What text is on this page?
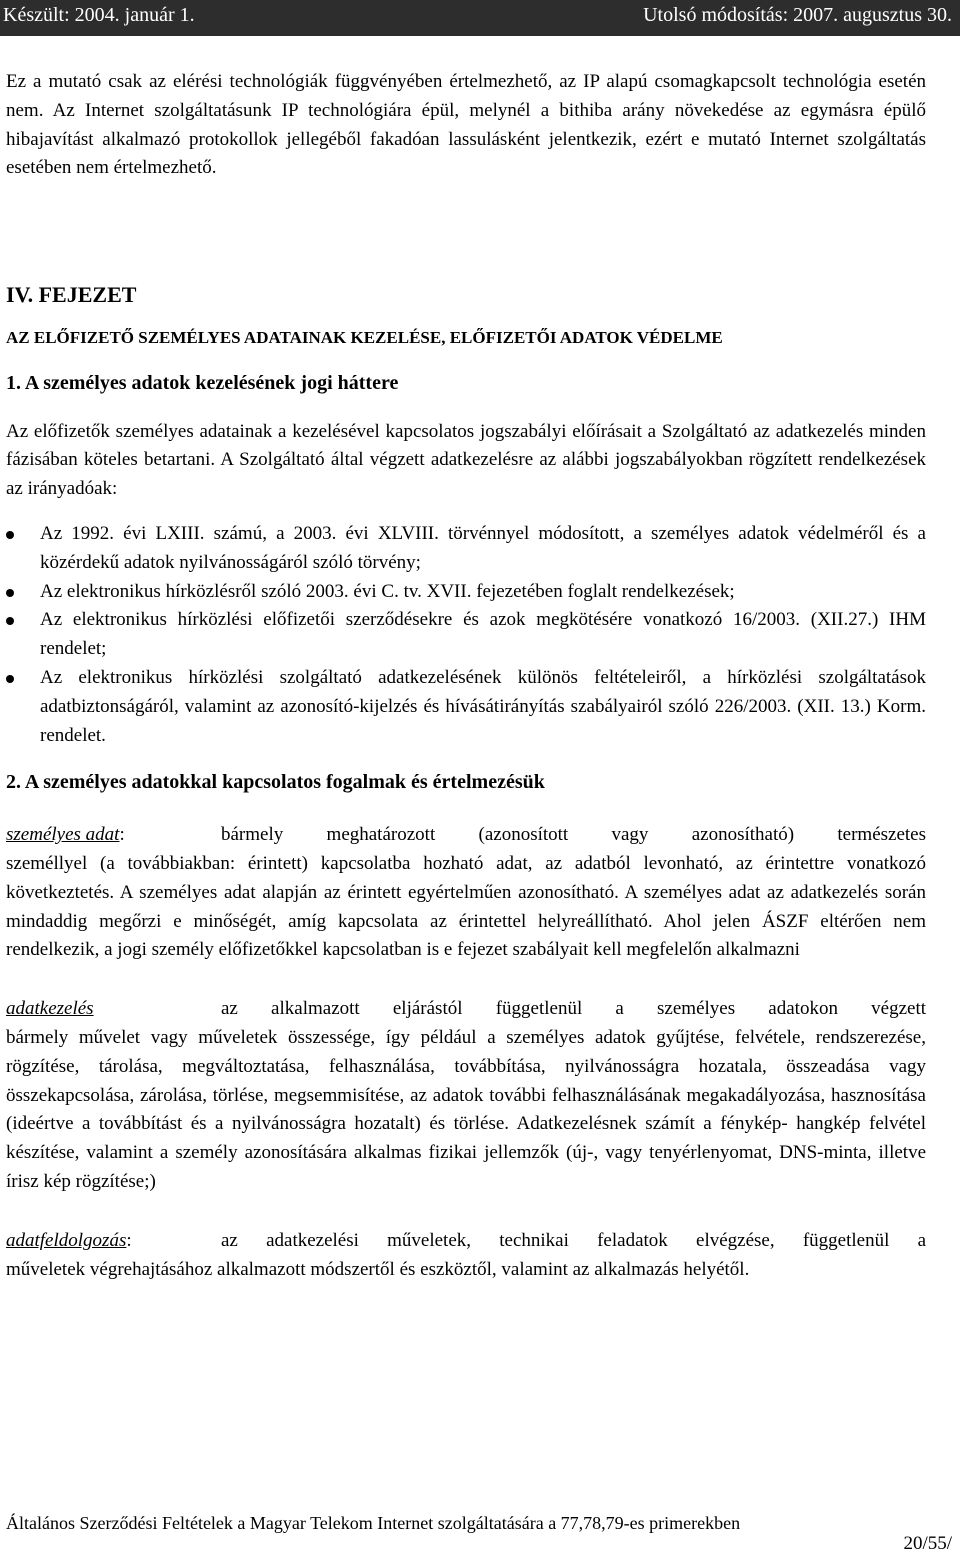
Készült: 2004. január 1.	Utolsó módosítás: 2007. augusztus 30.

Ez a mutató csak az elérési technológiák függvényében értelmezhető, az IP alapú csomagkapcsolt technológia esetén nem. Az Internet szolgáltatásunk IP technológiára épül, melynél a bithiba arány növekedése az egymásra épülő hibajavítást alkalmazó protokollok jellegéből fakadóan lassulásként jelentkezik, ezért e mutató Internet szolgáltatás esetében nem értelmezhető.

IV. FEJEZET

AZ ELŐFIZETŐ SZEMÉLYES ADATAINAK KEZELÉSE, ELŐFIZETŐI ADATOK VÉDELME

1. A személyes adatok kezelésének jogi háttere

Az előfizetők személyes adatainak a kezelésével kapcsolatos jogszabályi előírásait a Szolgáltató az adatkezelés minden fázisában köteles betartani. A Szolgáltató által végzett adatkezelésre az alábbi jogszabályokban rögzített rendelkezések az irányadóak:

Az 1992. évi LXIII. számú, a 2003. évi XLVIII. törvénnyel módosított, a személyes adatok védelméről és a közérdekű adatok nyilvánosságáról szóló törvény;
Az elektronikus hírközlésről szóló 2003. évi C. tv. XVII. fejezetében foglalt rendelkezések;
Az elektronikus hírközlési előfizetői szerződésekre és azok megkötésére vonatkozó 16/2003. (XII.27.) IHM rendelet;
Az elektronikus hírközlési szolgáltató adatkezelésének különös feltételeiről, a hírközlési szolgáltatások adatbiztonságáról, valamint az azonosító-kijelzés és hívásátirányítás szabályairól szóló 226/2003. (XII. 13.) Korm. rendelet.

2. A személyes adatokkal kapcsolatos fogalmak és értelmezésük

személyes adat:	bármely meghatározott (azonosított vagy azonosítható) természetes

személlyel (a továbbiakban: érintett) kapcsolatba hozható adat, az adatból levonható, az érintettre vonatkozó következtetés. A személyes adat alapján az érintett egyértelműen azonosítható. A személyes adat az adatkezelés során mindaddig megőrzi e minőségét, amíg kapcsolata az érintettel helyreállítható. Ahol jelen ÁSZF eltérően nem rendelkezik, a jogi személy előfizetőkkel kapcsolatban is e fejezet szabályait kell megfelelőn alkalmazni

adatkezelés	az alkalmazott eljárástól függetlenül a személyes adatokon végzett

bármely művelet vagy műveletek összessége, így például a személyes adatok gyűjtése, felvétele, rendszerezése, rögzítése, tárolása, megváltoztatása, felhasználása, továbbítása, nyilvánosságra hozatala, összeadása vagy összekapcsolása, zárolása, törlése, megsemmisítése, az adatok további felhasználásának megakadályozása, hasznosítása (ideértve a továbbítást és a nyilvánosságra hozatalt) és törlése. Adatkezelésnek számít a fénykép- hangkép felvétel készítése, valamint a személy azonosítására alkalmas fizikai jellemzők (új-, vagy tenyérlenyomat, DNS-minta, illetve írisz kép rögzítése;)

adatfeldolgozás:	az adatkezelési műveletek, technikai feladatok elvégzése, függetlenül a

műveletek végrehajtásához alkalmazott módszertől és eszköztől, valamint az alkalmazás helyétől.

Általános Szerződési Feltételek a Magyar Telekom Internet szolgáltatására a 77,78,79-es primerekben
20/55/
